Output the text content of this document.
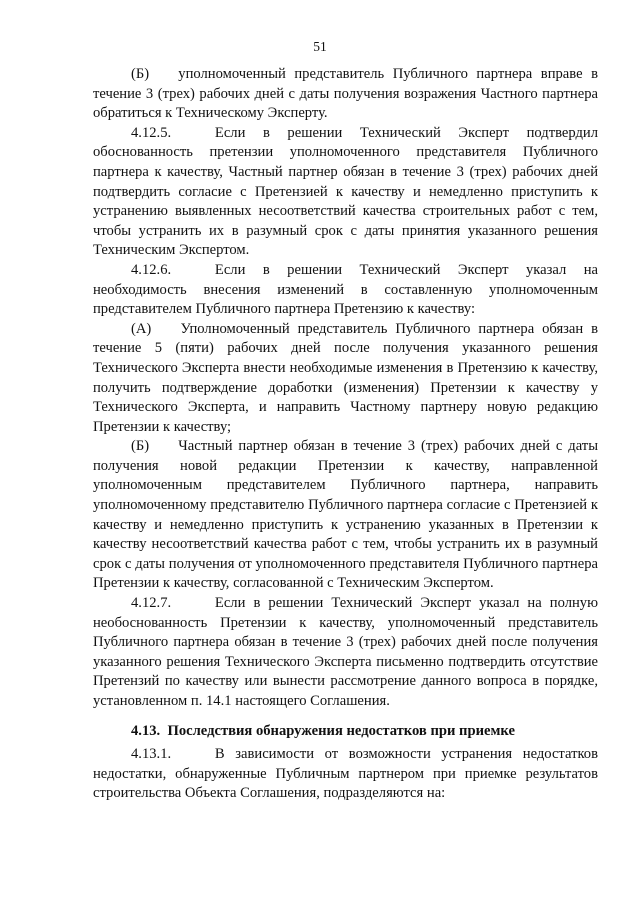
51

(Б)  уполномоченный представитель Публичного партнера вправе в течение 3 (трех) рабочих дней с даты получения возражения Частного партнера обратиться к Техническому Эксперту.

4.12.5.   Если в решении Технический Эксперт подтвердил обоснованность претензии уполномоченного представителя Публичного партнера к качеству, Частный партнер обязан в течение 3 (трех) рабочих дней подтвердить согласие с Претензией к качеству и немедленно приступить к устранению выявленных несоответствий качества строительных работ с тем, чтобы устранить их в разумный срок с даты принятия указанного решения Техническим Экспертом.

4.12.6.   Если в решении Технический Эксперт указал на необходимость внесения изменений в составленную уполномоченным представителем Публичного партнера Претензию к качеству:

(А)  Уполномоченный представитель Публичного партнера обязан в течение 5 (пяти) рабочих дней после получения указанного решения Технического Эксперта внести необходимые изменения в Претензию к качеству, получить подтверждение доработки (изменения) Претензии к качеству у Технического Эксперта, и направить Частному партнеру новую редакцию Претензии к качеству;

(Б)  Частный партнер обязан в течение 3 (трех) рабочих дней с даты получения новой редакции Претензии к качеству, направленной уполномоченным представителем Публичного партнера, направить уполномоченному представителю Публичного партнера согласие с Претензией к качеству и немедленно приступить к устранению указанных в Претензии к качеству несоответствий качества работ с тем, чтобы устранить их в разумный срок с даты получения от уполномоченного представителя Публичного партнера Претензии к качеству, согласованной с Техническим Экспертом.

4.12.7.   Если в решении Технический Эксперт указал на полную необоснованность Претензии к качеству, уполномоченный представитель Публичного партнера обязан в течение 3 (трех) рабочих дней после получения указанного решения Технического Эксперта письменно подтвердить отсутствие Претензий по качеству или вынести рассмотрение данного вопроса в порядке, установленном п. 14.1 настоящего Соглашения.

4.13. Последствия обнаружения недостатков при приемке

4.13.1.   В зависимости от возможности устранения недостатков недостатки, обнаруженные Публичным партнером при приемке результатов строительства Объекта Соглашения, подразделяются на:
